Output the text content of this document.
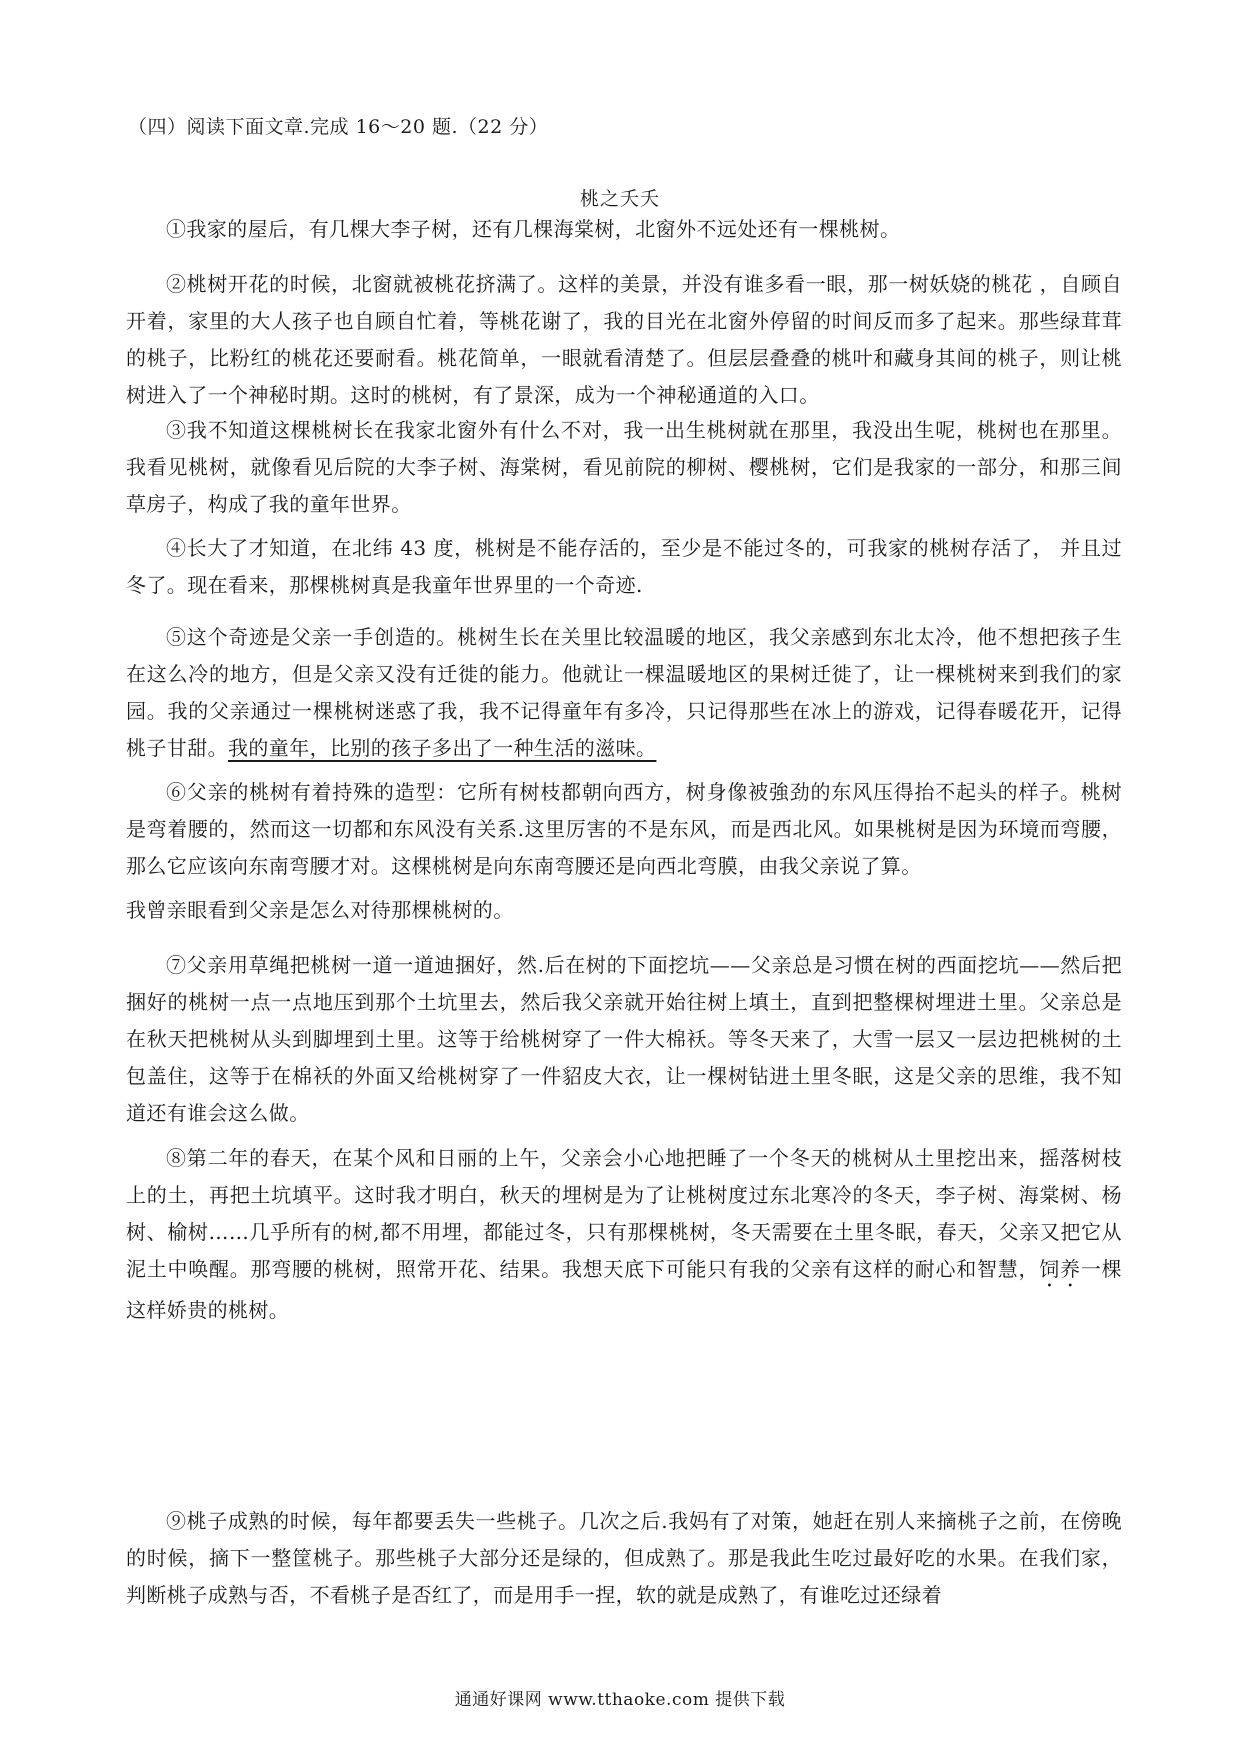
（四）阅读下面文章.完成 16〜20 题.（22 分）
桃之夭夭

①我家的屋后，有几棵大李子树，还有几棵海棠树，北窗外不远处还有一棵桃树。

②桃树开花的时候，北窗就被桃花挤满了。这样的美景，并没有谁多看一眼，那一树妖娆的桃花 ，自顾自开着，家里的大人孩子也自顾自忙着，等桃花谢了，我的目光在北窗外停留的时间反而多了起来。那些绿茸茸的桃子，比粉红的桃花还要耐看。桃花简单，一眼就看清楚了。但层层叠叠的桃叶和藏身其间的桃子，则让桃树进入了一个神秘时期。这时的桃树，有了景深，成为一个神秘通道的入口。

③我不知道这棵桃树长在我家北窗外有什么不对，我一出生桃树就在那里，我没出生呢，桃树也在那里。我看见桃树，就像看见后院的大李子树、海棠树，看见前院的柳树、樱桃树，它们是我家的一部分，和那三间草房子，构成了我的童年世界。

④长大了才知道，在北纬 43 度，桃树是不能存活的，至少是不能过冬的，可我家的桃树存活了， 并且过冬了。现在看来，那棵桃树真是我童年世界里的一个奇迹.

⑤这个奇迹是父亲一手创造的。桃树生长在关里比较温暖的地区，我父亲感到东北太冷，他不想把孩子生在这么冷的地方，但是父亲又没有迁徙的能力。他就让一棵温暖地区的果树迁徙了，让一棵桃树来到我们的家园。我的父亲通过一棵桃树迷惑了我，我不记得童年有多冷，只记得那些在冰上的游戏，记得春暖花开，记得桃子甘甜。我的童年，比别的孩子多出了一种生活的滋味。

⑥父亲的桃树有着持殊的造型：它所有树枝都朝向西方，树身像被強劲的东风压得抬不起头的样子。桃树是弯着腰的，然而这一切都和东风没有关系.这里厉害的不是东风，而是西北风。如果桃树是因为环境而弯腰，那么它应该向东南弯腰才对。这棵桃树是向东南弯腰还是向西北弯膜，由我父亲说了算。

我曾亲眼看到父亲是怎么对待那棵桃树的。

⑦父亲用草绳把桃树一道一道迪捆好，然.后在树的下面挖坑——父亲总是习惯在树的西面挖坑——然后把捆好的桃树一点一点地压到那个土坑里去，然后我父亲就开始往树上填土，直到把整棵树埋进土里。父亲总是在秋天把桃树从头到脚埋到土里。这等于给桃树穿了一件大棉袄。等冬天来了，大雪一层又一层边把桃树的土包盖住，这等于在棉袄的外面又给桃树穿了一件貂皮大衣，让一棵树钻进土里冬眠，这是父亲的思维，我不知道还有谁会这么做。

⑧第二年的春天，在某个风和日丽的上午，父亲会小心地把睡了一个冬天的桃树从土里挖出来，摇落树枝上的土，再把土坑填平。这时我才明白，秋天的埋树是为了让桃树度过东北寒冷的冬天，李子树、海棠树、杨树、榆树……几乎所有的树,都不用埋，都能过冬，只有那棵桃树，冬天需要在土里冬眠，春天，父亲又把它从泥土中唤醒。那弯腰的桃树，照常开花、结果。我想天底下可能只有我的父亲有这样的耐心和智慧，饲养一棵这样娇贵的桃树。

⑨桃子成熟的时候，每年都要丢失一些桃子。几次之后.我妈有了对策，她赶在别人来摘桃子之前，在傍晚的时候，摘下一整筐桃子。那些桃子大部分还是绿的，但成熟了。那是我此生吃过最好吃的水果。在我们家，判断桃子成熟与否，不看桃子是否红了，而是用手一捏，软的就是成熟了，有谁吃过还绿着

通通好课网 www.tthaoke.com 提供下载
